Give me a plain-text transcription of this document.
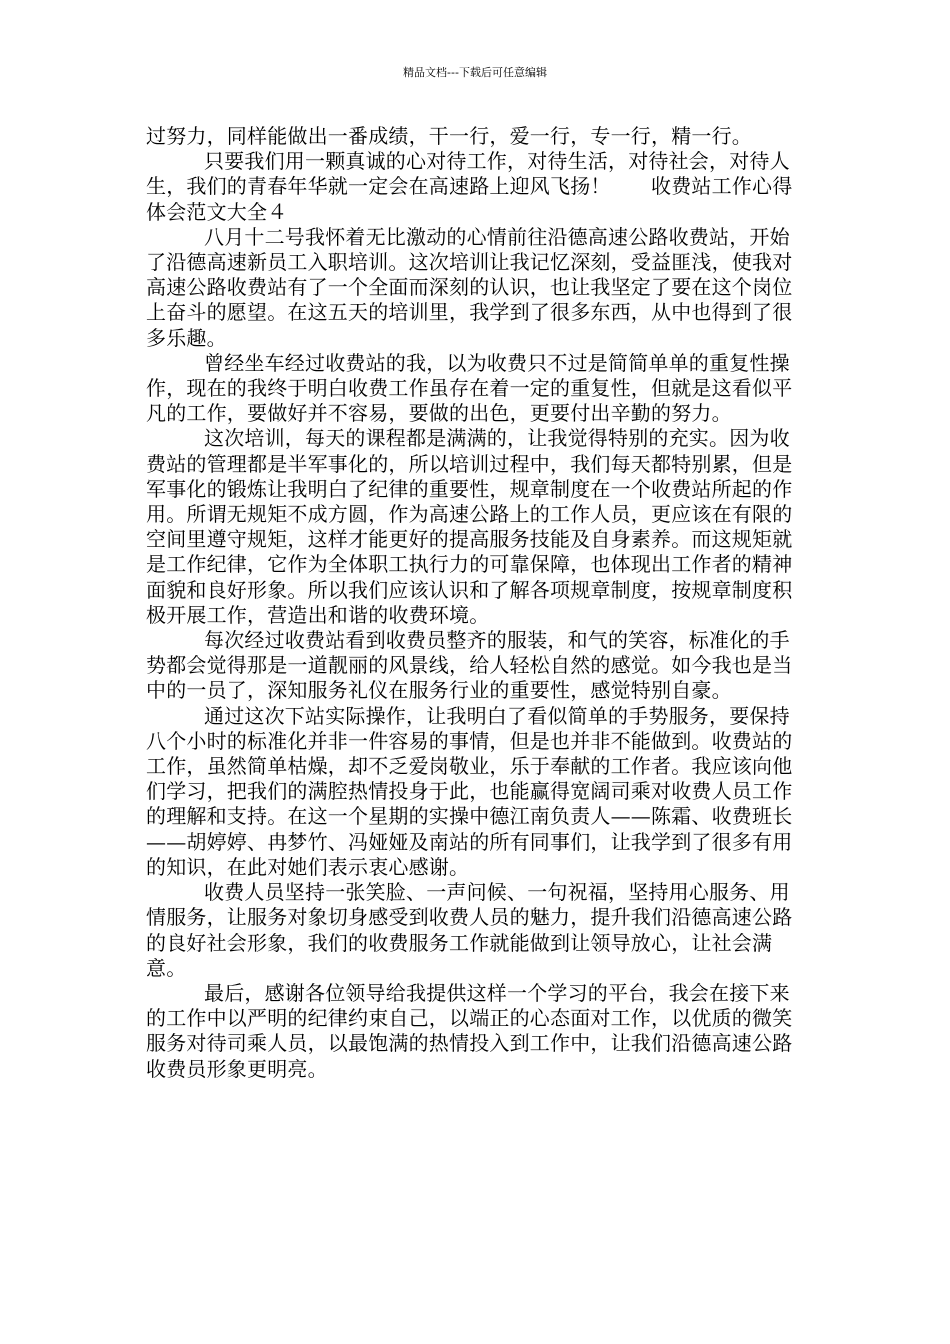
精品文档---下载后可任意编辑

过努力，同样能做出一番成绩，干一行，爱一行，专一行，精一行。

只要我们用一颗真诚的心对待工作，对待生活，对待社会，对待人生，我们的青春年华就一定会在高速路上迎风飞扬！　　收费站工作心得体会范文大全４

八月十二号我怀着无比激动的心情前往沿德高速公路收费站，开始了沿德高速新员工入职培训。这次培训让我记忆深刻，受益匪浅，使我对高速公路收费站有了一个全面而深刻的认识，也让我坚定了要在这个岗位上奋斗的愿望。在这五天的培训里，我学到了很多东西，从中也得到了很多乐趣。

曾经坐车经过收费站的我，以为收费只不过是简简单单的重复性操作，现在的我终于明白收费工作虽存在着一定的重复性，但就是这看似平凡的工作，要做好并不容易，要做的出色，更要付出辛勤的努力。

这次培训，每天的课程都是满满的，让我觉得特别的充实。因为收费站的管理都是半军事化的，所以培训过程中，我们每天都特别累，但是军事化的锻炼让我明白了纪律的重要性，规章制度在一个收费站所起的作用。所谓无规矩不成方圆，作为高速公路上的工作人员，更应该在有限的空间里遵守规矩，这样才能更好的提高服务技能及自身素养。而这规矩就是工作纪律，它作为全体职工执行力的可靠保障，也体现出工作者的精神面貌和良好形象。所以我们应该认识和了解各项规章制度，按规章制度积极开展工作，营造出和谐的收费环境。

每次经过收费站看到收费员整齐的服装，和气的笑容，标准化的手势都会觉得那是一道靓丽的风景线，给人轻松自然的感觉。如今我也是当中的一员了，深知服务礼仪在服务行业的重要性，感觉特别自豪。

通过这次下站实际操作，让我明白了看似简单的手势服务，要保持八个小时的标准化并非一件容易的事情，但是也并非不能做到。收费站的工作，虽然简单枯燥，却不乏爱岗敬业，乐于奉献的工作者。我应该向他们学习，把我们的满腔热情投身于此，也能赢得宽阔司乘对收费人员工作的理解和支持。在这一个星期的实操中德江南负责人——陈霜、收费班长——胡婷婷、冉梦竹、冯娅娅及南站的所有同事们，让我学到了很多有用的知识，在此对她们表示衷心感谢。

收费人员坚持一张笑脸、一声问候、一句祝福，坚持用心服务、用情服务，让服务对象切身感受到收费人员的魅力，提升我们沿德高速公路的良好社会形象，我们的收费服务工作就能做到让领导放心，让社会满意。

最后，感谢各位领导给我提供这样一个学习的平台，我会在接下来的工作中以严明的纪律约束自己，以端正的心态面对工作，以优质的微笑服务对待司乘人员，以最饱满的热情投入到工作中，让我们沿德高速公路收费员形象更明亮。
